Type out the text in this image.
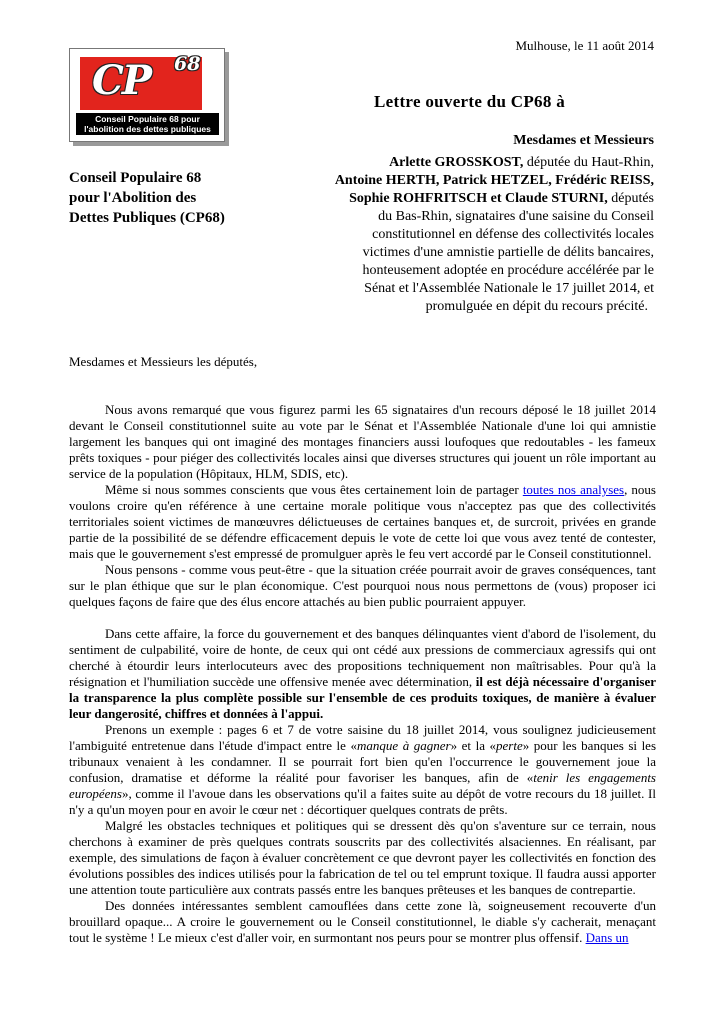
Mulhouse, le 11 août 2014
CP 68
Conseil Populaire 68 pour
l'abolition des dettes publiques
Lettre ouverte du CP68 à
Conseil Populaire 68
pour l'Abolition des
Dettes Publiques (CP68)
Mesdames et Messieurs
Arlette GROSSKOST, députée du Haut-Rhin,
Antoine HERTH, Patrick HETZEL, Frédéric REISS,
Sophie ROHFRITSCH et Claude STURNI, députés
du Bas-Rhin, signataires d'une saisine du Conseil
constitutionnel en défense des collectivités locales
victimes d'une amnistie partielle de délits bancaires,
honteusement adoptée en procédure accélérée par le
Sénat et l'Assemblée Nationale le 17 juillet 2014, et
promulguée en dépit du recours précité.
Mesdames et Messieurs les députés,

Nous avons remarqué que vous figurez parmi les 65 signataires d'un recours déposé le 18 juillet 2014 devant le Conseil constitutionnel suite au vote par le Sénat et l'Assemblée Nationale d'une loi qui amnistie largement les banques qui ont imaginé des montages financiers aussi loufoques que redoutables - les fameux prêts toxiques - pour piéger des collectivités locales ainsi que diverses structures qui jouent un rôle important au service de la population (Hôpitaux, HLM, SDIS, etc).

Même si nous sommes conscients que vous êtes certainement loin de partager toutes nos analyses, nous voulons croire qu'en référence à une certaine morale politique vous n'acceptez pas que des collectivités territoriales soient victimes de manœuvres délictueuses de certaines banques et, de surcroit, privées en grande partie de la possibilité de se défendre efficacement depuis le vote de cette loi que vous avez tenté de contester, mais que le gouvernement s'est empressé de promulguer après le feu vert accordé par le Conseil constitutionnel.

Nous pensons - comme vous peut-être - que la situation créée pourrait avoir de graves conséquences, tant sur le plan éthique que sur le plan économique. C'est pourquoi nous nous permettons de (vous) proposer ici quelques façons de faire que des élus encore attachés au bien public pourraient appuyer.

Dans cette affaire, la force du gouvernement et des banques délinquantes vient d'abord de l'isolement, du sentiment de culpabilité, voire de honte, de ceux qui ont cédé aux pressions de commerciaux agressifs qui ont cherché à étourdir leurs interlocuteurs avec des propositions techniquement non maîtrisables. Pour qu'à la résignation et l'humiliation succède une offensive menée avec détermination, il est déjà nécessaire d'organiser la transparence la plus complète possible sur l'ensemble de ces produits toxiques, de manière à évaluer leur dangerosité, chiffres et données à l'appui.

Prenons un exemple : pages 6 et 7 de votre saisine du 18 juillet 2014, vous soulignez judicieusement l'ambiguité entretenue dans l'étude d'impact entre le «manque à gagner» et la «perte» pour les banques si les tribunaux venaient à les condamner. Il se pourrait fort bien qu'en l'occurrence le gouvernement joue la confusion, dramatise et déforme la réalité pour favoriser les banques, afin de «tenir les engagements européens», comme il l'avoue dans les observations qu'il a faites suite au dépôt de votre recours du 18 juillet. Il n'y a qu'un moyen pour en avoir le cœur net : décortiquer quelques contrats de prêts.

Malgré les obstacles techniques et politiques qui se dressent dès qu'on s'aventure sur ce terrain, nous cherchons à examiner de près quelques contrats souscrits par des collectivités alsaciennes. En réalisant, par exemple, des simulations de façon à évaluer concrètement ce que devront payer les collectivités en fonction des évolutions possibles des indices utilisés pour la fabrication de tel ou tel emprunt toxique. Il faudra aussi apporter une attention toute particulière aux contrats passés entre les banques prêteuses et les banques de contrepartie.

Des données intéressantes semblent camouflées dans cette zone là, soigneusement recouverte d'un brouillard opaque... A croire le gouvernement ou le Conseil constitutionnel, le diable s'y cacherait, menaçant tout le système ! Le mieux c'est d'aller voir, en surmontant nos peurs pour se montrer plus offensif. Dans un
